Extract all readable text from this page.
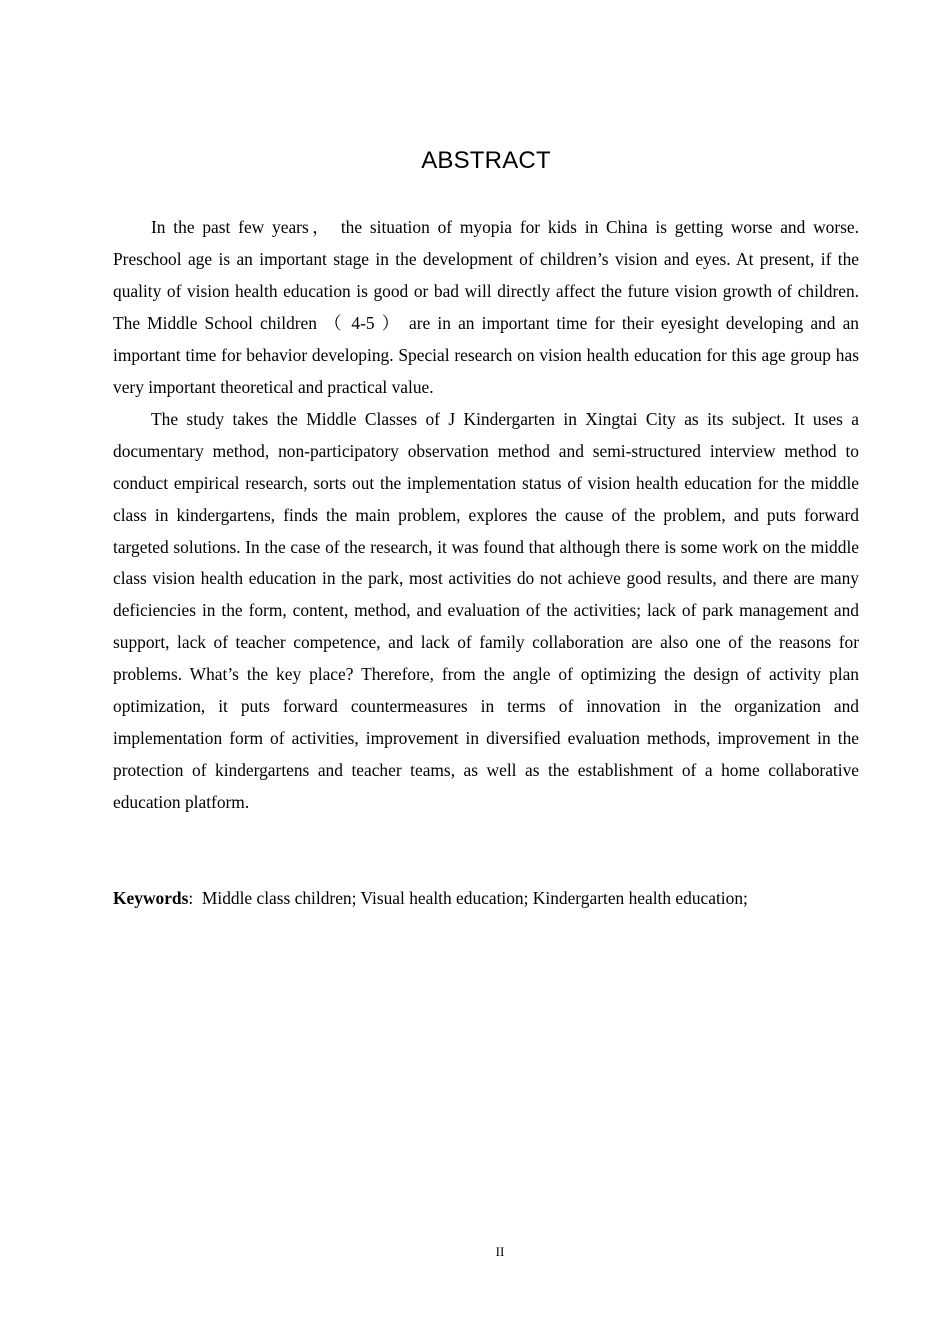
ABSTRACT

In the past few years， the situation of myopia for kids in China is getting worse and worse. Preschool age is an important stage in the development of children’s vision and eyes. At present, if the quality of vision health education is good or bad will directly affect the future vision growth of children. The Middle School children （ 4-5 ） are in an important time for their eyesight developing and an important time for behavior developing. Special research on vision health education for this age group has very important theoretical and practical value.

The study takes the Middle Classes of J Kindergarten in Xingtai City as its subject. It uses a documentary method, non-participatory observation method and semi-structured interview method to conduct empirical research, sorts out the implementation status of vision health education for the middle class in kindergartens, finds the main problem, explores the cause of the problem, and puts forward targeted solutions. In the case of the research, it was found that although there is some work on the middle class vision health education in the park, most activities do not achieve good results, and there are many deficiencies in the form, content, method, and evaluation of the activities; lack of park management and support, lack of teacher competence, and lack of family collaboration are also one of the reasons for problems. What’s the key place? Therefore, from the angle of optimizing the design of activity plan optimization, it puts forward countermeasures in terms of innovation in the organization and implementation form of activities, improvement in diversified evaluation methods, improvement in the protection of kindergartens and teacher teams, as well as the establishment of a home collaborative education platform.

Keywords: Middle class children; Visual health education; Kindergarten health education;
II
